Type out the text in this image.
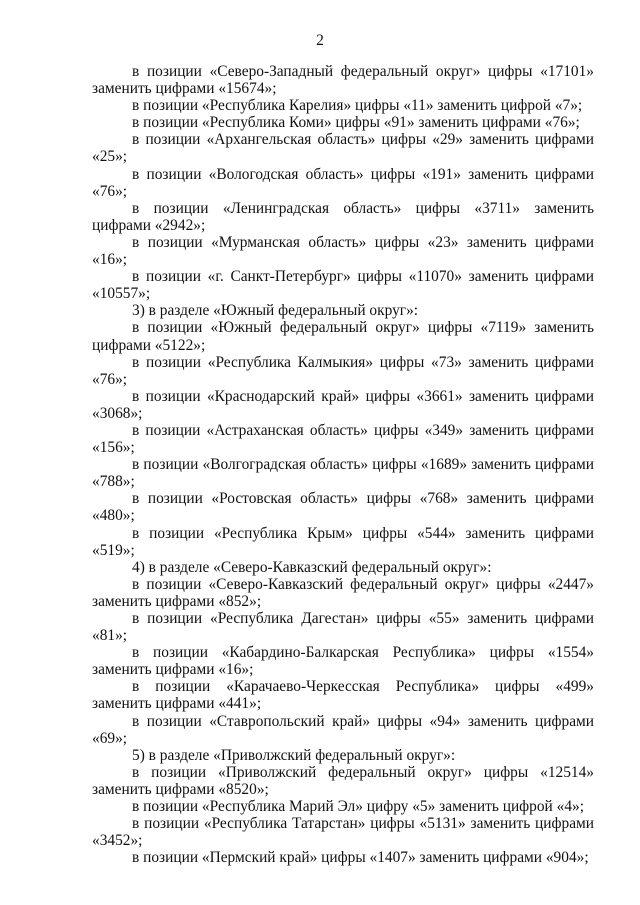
2

в позиции «Северо-Западный федеральный округ» цифры «17101» заменить цифрами «15674»;

в позиции «Республика Карелия» цифры «11» заменить цифрой «7»;

в позиции «Республика Коми» цифры «91» заменить цифрами «76»;

в позиции «Архангельская область» цифры «29» заменить цифрами «25»;

в позиции «Вологодская область» цифры «191» заменить цифрами «76»;

в позиции «Ленинградская область» цифры «3711» заменить цифрами «2942»;

в позиции «Мурманская область» цифры «23» заменить цифрами «16»;

в позиции «г. Санкт-Петербург» цифры «11070» заменить цифрами «10557»;

3) в разделе «Южный федеральный округ»:

в позиции «Южный федеральный округ» цифры «7119» заменить цифрами «5122»;

в позиции «Республика Калмыкия» цифры «73» заменить цифрами «76»;

в позиции «Краснодарский край» цифры «3661» заменить цифрами «3068»;

в позиции «Астраханская область» цифры «349» заменить цифрами «156»;

в позиции «Волгоградская область» цифры «1689» заменить цифрами «788»;

в позиции «Ростовская область» цифры «768» заменить цифрами «480»;

в позиции «Республика Крым» цифры «544» заменить цифрами «519»;

4) в разделе «Северо-Кавказский федеральный округ»:

в позиции «Северо-Кавказский федеральный округ» цифры «2447» заменить цифрами «852»;

в позиции «Республика Дагестан» цифры «55» заменить цифрами «81»;

в позиции «Кабардино-Балкарская Республика» цифры «1554» заменить цифрами «16»;

в позиции «Карачаево-Черкесская Республика» цифры «499» заменить цифрами «441»;

в позиции «Ставропольский край» цифры «94» заменить цифрами «69»;

5) в разделе «Приволжский федеральный округ»:

в позиции «Приволжский федеральный округ» цифры «12514» заменить цифрами «8520»;

в позиции «Республика Марий Эл» цифру «5» заменить цифрой «4»;

в позиции «Республика Татарстан» цифры «5131» заменить цифрами «3452»;

в позиции «Пермский край» цифры «1407» заменить цифрами «904»;
